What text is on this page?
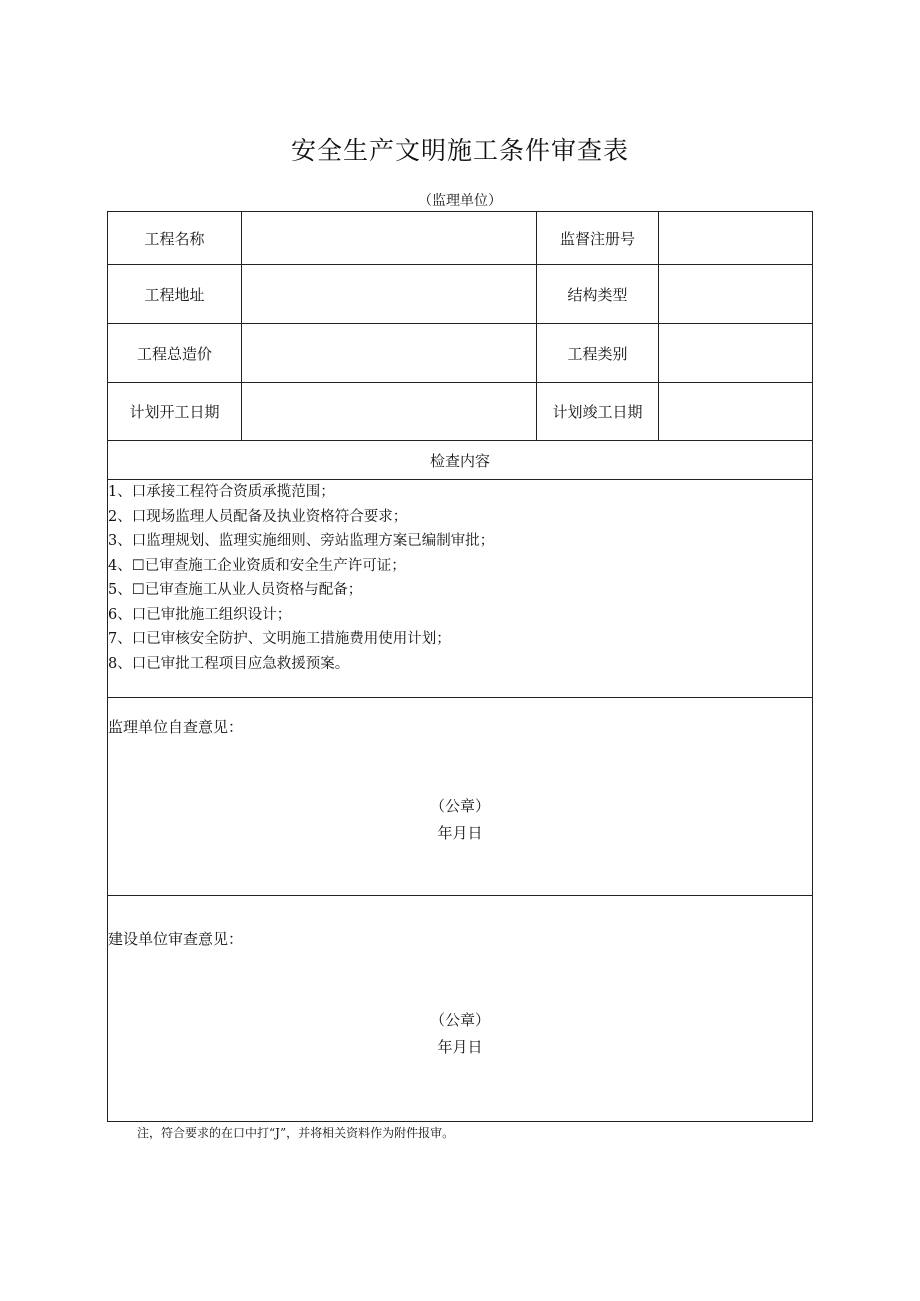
安全生产文明施工条件审查表
（监理单位）
工程名称	监督注册号
工程地址	结构类型
工程总造价	工程类别
计划开工日期	计划竣工日期
检查内容
1、口承接工程符合资质承揽范围；
2、口现场监理人员配备及执业资格符合要求；
3、口监理规划、监理实施细则、旁站监理方案已编制审批；
4、☐已审查施工企业资质和安全生产许可证；
5、☐已审查施工从业人员资格与配备；
6、口已审批施工组织设计；
7、口已审核安全防护、文明施工措施费用使用计划；
8、口已审批工程项目应急救援预案。
监理单位自查意见：
（公章）
年月日
建设单位审查意见：
（公章）
年月日
注，符合要求的在口中打“J”，并将相关资料作为附件报审。
